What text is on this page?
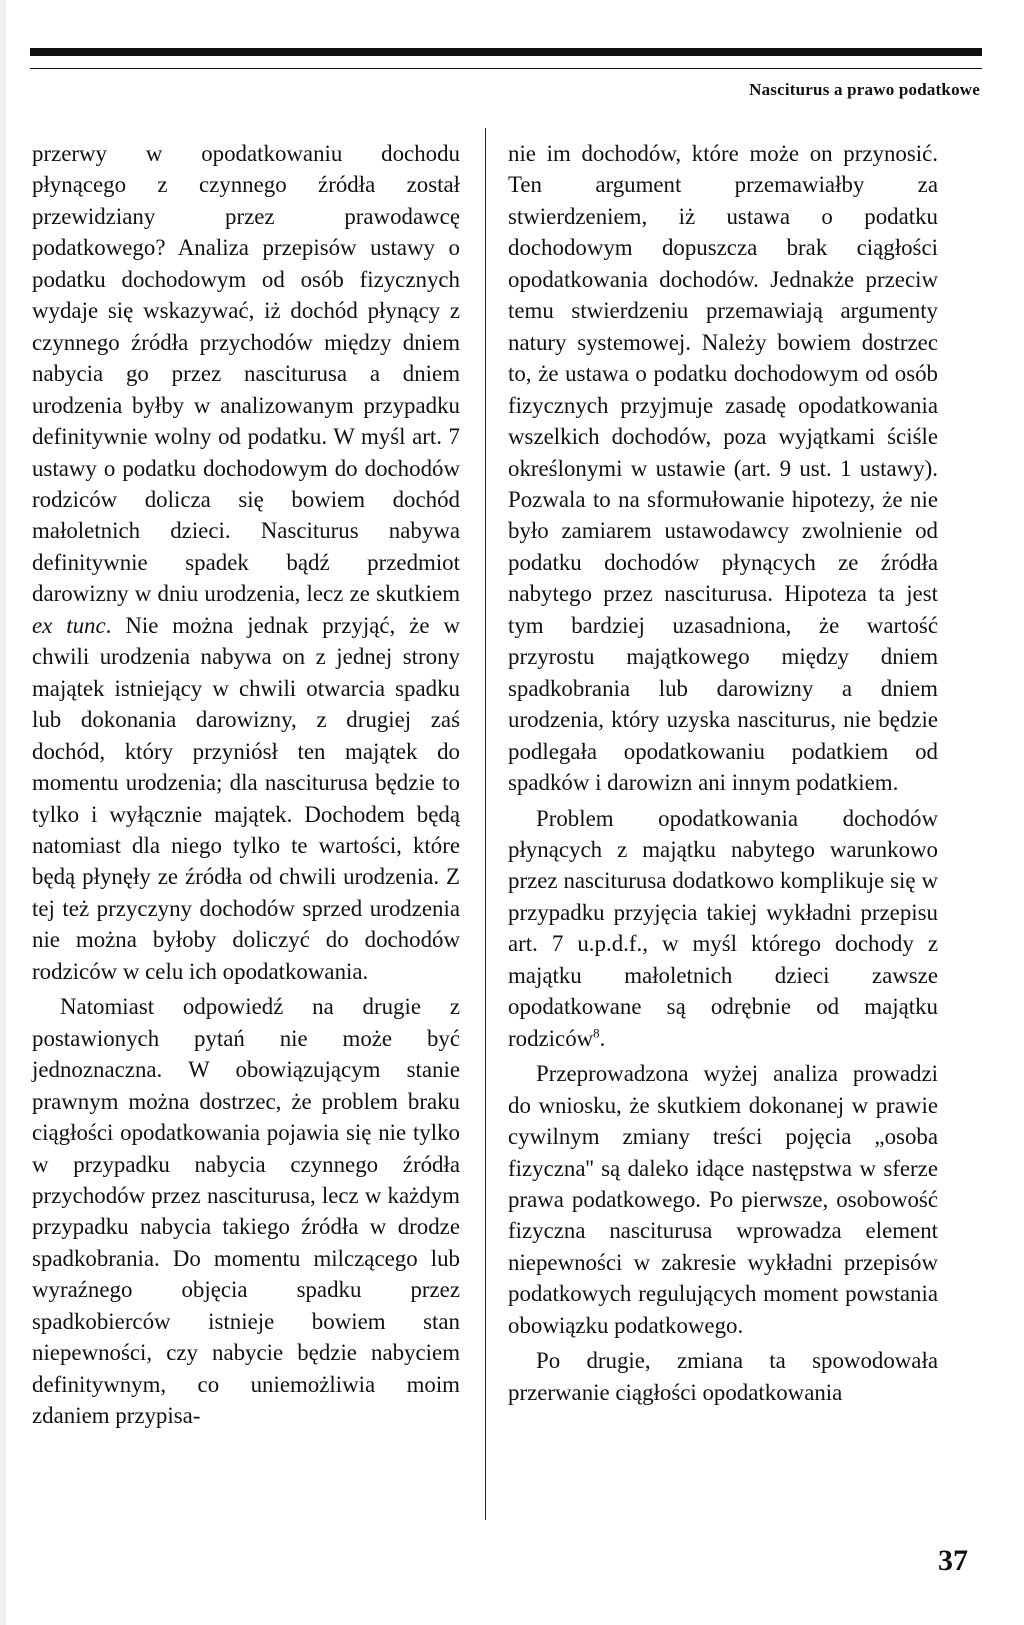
Nasciturus a prawo podatkowe

przerwy w opodatkowaniu dochodu płynącego z czynnego źródła został przewidziany przez prawodawcę podatkowego? Analiza przepisów ustawy o podatku dochodowym od osób fizycznych wydaje się wskazywać, iż dochód płynący z czynnego źródła przychodów między dniem nabycia go przez nasciturusa a dniem urodzenia byłby w analizowanym przypadku definitywnie wolny od podatku. W myśl art. 7 ustawy o podatku dochodowym do dochodów rodziców dolicza się bowiem dochód małoletnich dzieci. Nasciturus nabywa definitywnie spadek bądź przedmiot darowizny w dniu urodzenia, lecz ze skutkiem ex tunc. Nie można jednak przyjąć, że w chwili urodzenia nabywa on z jednej strony majątek istniejący w chwili otwarcia spadku lub dokonania darowizny, z drugiej zaś dochód, który przyniósł ten majątek do momentu urodzenia; dla nasciturusa będzie to tylko i wyłącznie majątek. Dochodem będą natomiast dla niego tylko te wartości, które będą płynęły ze źródła od chwili urodzenia. Z tej też przyczyny dochodów sprzed urodzenia nie można byłoby doliczyć do dochodów rodziców w celu ich opodatkowania.

Natomiast odpowiedź na drugie z postawionych pytań nie może być jednoznaczna. W obowiązującym stanie prawnym można dostrzec, że problem braku ciągłości opodatkowania pojawia się nie tylko w przypadku nabycia czynnego źródła przychodów przez nasciturusa, lecz w każdym przypadku nabycia takiego źródła w drodze spadkobrania. Do momentu milczącego lub wyraźnego objęcia spadku przez spadkobierców istnieje bowiem stan niepewności, czy nabycie będzie nabyciem definitywnym, co uniemożliwia moim zdaniem przypisa-

nie im dochodów, które może on przynosić. Ten argument przemawiałby za stwierdzeniem, iż ustawa o podatku dochodowym dopuszcza brak ciągłości opodatkowania dochodów. Jednakże przeciw temu stwierdzeniu przemawiają argumenty natury systemowej. Należy bowiem dostrzec to, że ustawa o podatku dochodowym od osób fizycznych przyjmuje zasadę opodatkowania wszelkich dochodów, poza wyjątkami ściśle określonymi w ustawie (art. 9 ust. 1 ustawy). Pozwala to na sformułowanie hipotezy, że nie było zamiarem ustawodawcy zwolnienie od podatku dochodów płynących ze źródła nabytego przez nasciturusa. Hipoteza ta jest tym bardziej uzasadniona, że wartość przyrostu majątkowego między dniem spadkobrania lub darowizny a dniem urodzenia, który uzyska nasciturus, nie będzie podlegała opodatkowaniu podatkiem od spadków i darowizn ani innym podatkiem.

Problem opodatkowania dochodów płynących z majątku nabytego warunkowo przez nasciturusa dodatkowo komplikuje się w przypadku przyjęcia takiej wykładni przepisu art. 7 u.p.d.f., w myśl którego dochody z majątku małoletnich dzieci zawsze opodatkowane są odrębnie od majątku rodziców$^8$.

Przeprowadzona wyżej analiza prowadzi do wniosku, że skutkiem dokonanej w prawie cywilnym zmiany treści pojęcia „osoba fizyczna'' są daleko idące następstwa w sferze prawa podatkowego. Po pierwsze, osobowość fizyczna nasciturusa wprowadza element niepewności w zakresie wykładni przepisów podatkowych regulujących moment powstania obowiązku podatkowego.

Po drugie, zmiana ta spowodowała przerwanie ciągłości opodatkowania

37
